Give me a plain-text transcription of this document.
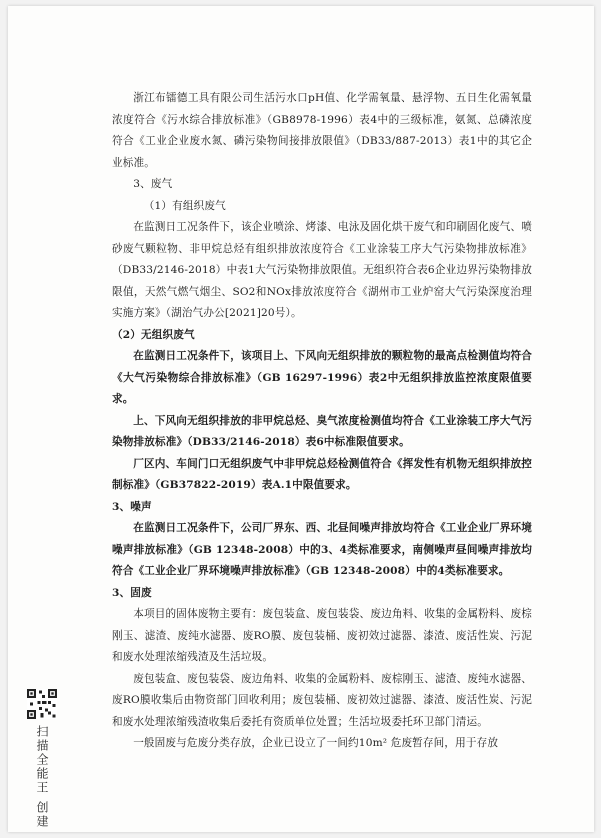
浙江布镭德工具有限公司生活污水口pH值、化学需氧量、悬浮物、五日生化需氧量浓度符合《污水综合排放标准》（GB8978-1996）表4中的三级标准，氨氮、总磷浓度符合《工业企业废水氮、磷污染物间接排放限值》（DB33/887-2013）表1中的其它企业标准。

3、废气

（1）有组织废气

在监测日工况条件下，该企业喷涂、烤漆、电泳及固化烘干废气和印刷固化废气、喷砂废气颗粒物、非甲烷总烃有组织排放浓度符合《工业涂装工序大气污染物排放标准》（DB33/2146-2018）中表1大气污染物排放限值。无组织符合表6企业边界污染物排放限值，天然气燃气烟尘、SO2和NOx排放浓度符合《湖州市工业炉窑大气污染深度治理实施方案》（湖治气办公[2021]20号）。

（2）无组织废气

在监测日工况条件下，该项目上、下风向无组织排放的颗粒物的最高点检测值均符合《大气污染物综合排放标准》（GB 16297-1996）表2中无组织排放监控浓度限值要求。

上、下风向无组织排放的非甲烷总烃、臭气浓度检测值均符合《工业涂装工序大气污染物排放标准》（DB33/2146-2018）表6中标准限值要求。

厂区内、车间门口无组织废气中非甲烷总烃检测值符合《挥发性有机物无组织排放控制标准》（GB37822-2019）表A.1中限值要求。

3、噪声

在监测日工况条件下，公司厂界东、西、北昼间噪声排放均符合《工业企业厂界环境噪声排放标准》（GB 12348-2008）中的3、4类标准要求，南侧噪声昼间噪声排放均符合《工业企业厂界环境噪声排放标准》（GB 12348-2008）中的4类标准要求。

3、固废

本项目的固体废物主要有：废包装盒、废包装袋、废边角料、收集的金属粉料、废棕刚玉、滤渣、废纯水滤器、废RO膜、废包装桶、废初效过滤器、漆渣、废活性炭、污泥和废水处理浓缩残渣及生活垃圾。

废包装盒、废包装袋、废边角料、收集的金属粉料、废棕刚玉、滤渣、废纯水滤器、废RO膜收集后由物资部门回收利用；废包装桶、废初效过滤器、漆渣、废活性炭、污泥和废水处理浓缩残渣收集后委托有资质单位处置；生活垃圾委托环卫部门清运。

一般固废与危废分类存放，企业已设立了一间约10m² 危废暂存间，用于存放

扫描全能王 创建
